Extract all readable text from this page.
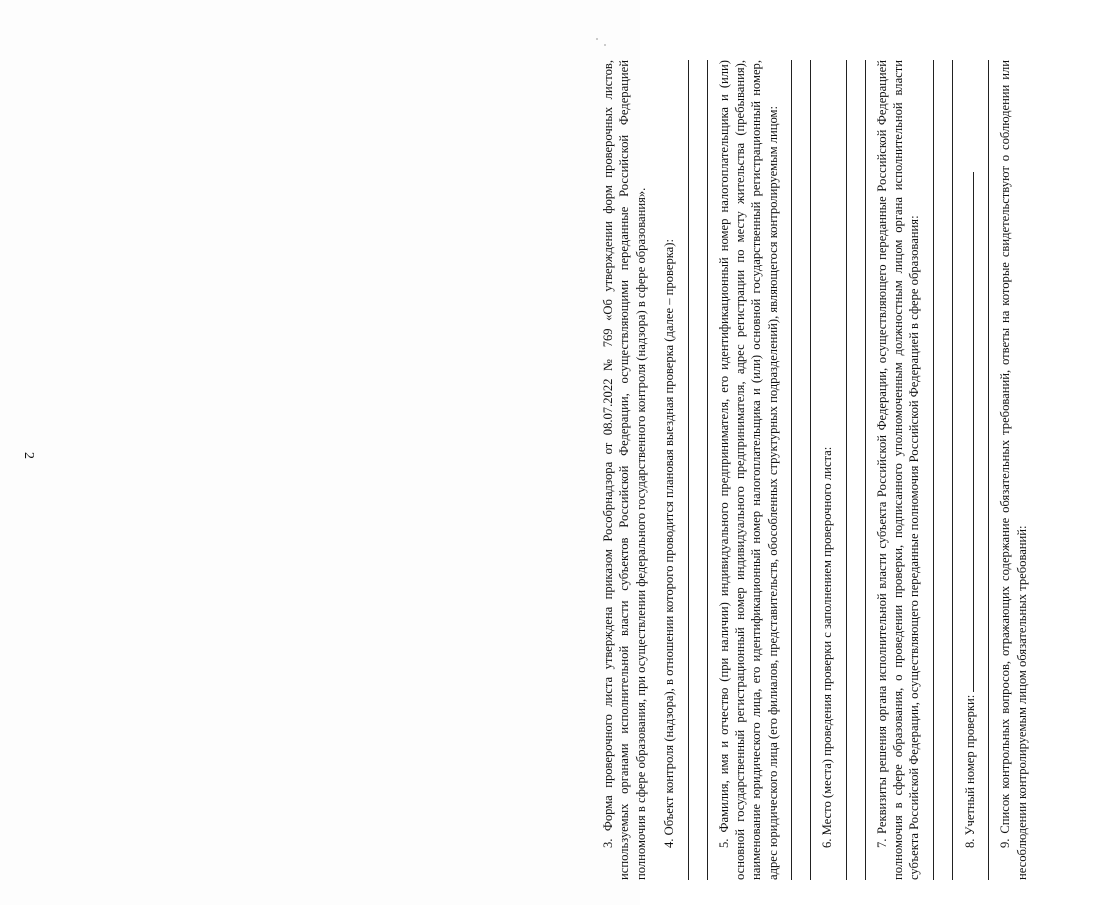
2	3. Форма проверочного листа утверждена приказом Рособрнадзора от 08.07.2022 № 769 «Об утверждении форм проверочных листов, используемых органами исполнительной власти субъектов Российской Федерации, осуществляющими переданные Российской Федерацией полномочия в сфере образования, при осуществлении федерального государственного контроля (надзора) в сфере образования». 4. Объект контроля (надзора), в отношении которого проводится плановая выездная проверка (далее – проверка):	5. Фамилия, имя и отчество (при наличии) индивидуального предпринимателя, его идентификационный номер налогоплательщика и (или) основной государственный регистрационный номер индивидуального предпринимателя, адрес регистрации по месту жительства (пребывания), наименование юридического лица, его идентификационный номер налогоплательщика и (или) основной государственный регистрационный номер, адрес юридического лица (его филиалов, представительств, обособленных структурных подразделений), являющегося контролируемым лицом:	6. Место (места) проведения проверки с заполнением проверочного листа:	7. Реквизиты решения органа исполнительной власти субъекта Российской Федерации, осуществляющего переданные Российской Федерацией полномочия в сфере образования, о проведении проверки, подписанного уполномоченным должностным лицом органа исполнительной власти субъекта Российской Федерации, осуществляющего переданные полномочия Российской Федерацией в сфере образования:	8. Учетный номер проверки: 9. Список контрольных вопросов, отражающих содержание обязательных требований, ответы на которые свидетельствуют о соблюдении или несоблюдении контролируемым лицом обязательных требований:
